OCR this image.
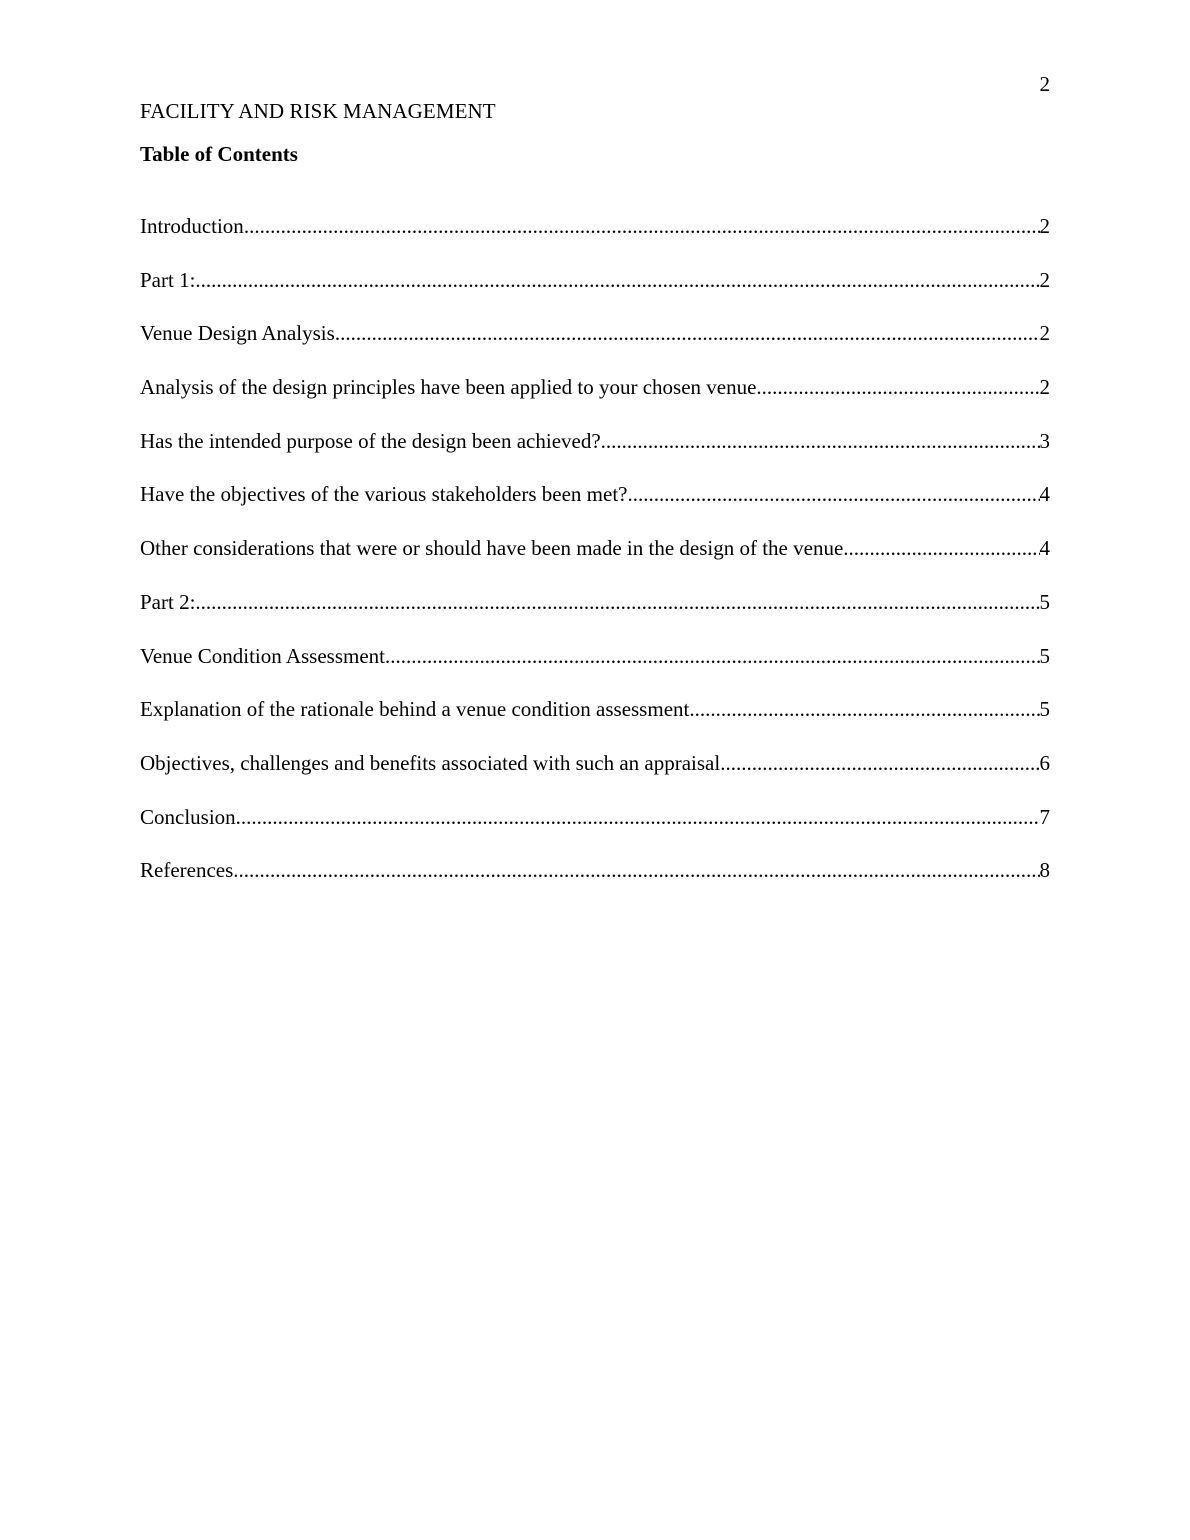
2
FACILITY AND RISK MANAGEMENT
Table of Contents
Introduction .....	2
Part 1: .....	2
Venue Design Analysis .....	2
Analysis of the design principles have been applied to your chosen venue .....	2
Has the intended purpose of the design been achieved? .....	3
Have the objectives of the various stakeholders been met? .....	4
Other considerations that were or should have been made in the design of the venue .....	4
Part 2: .....	5
Venue Condition Assessment .....	5
Explanation of the rationale behind a venue condition assessment .....	5
Objectives, challenges and benefits associated with such an appraisal .....	6
Conclusion .....	7
References .....	8
